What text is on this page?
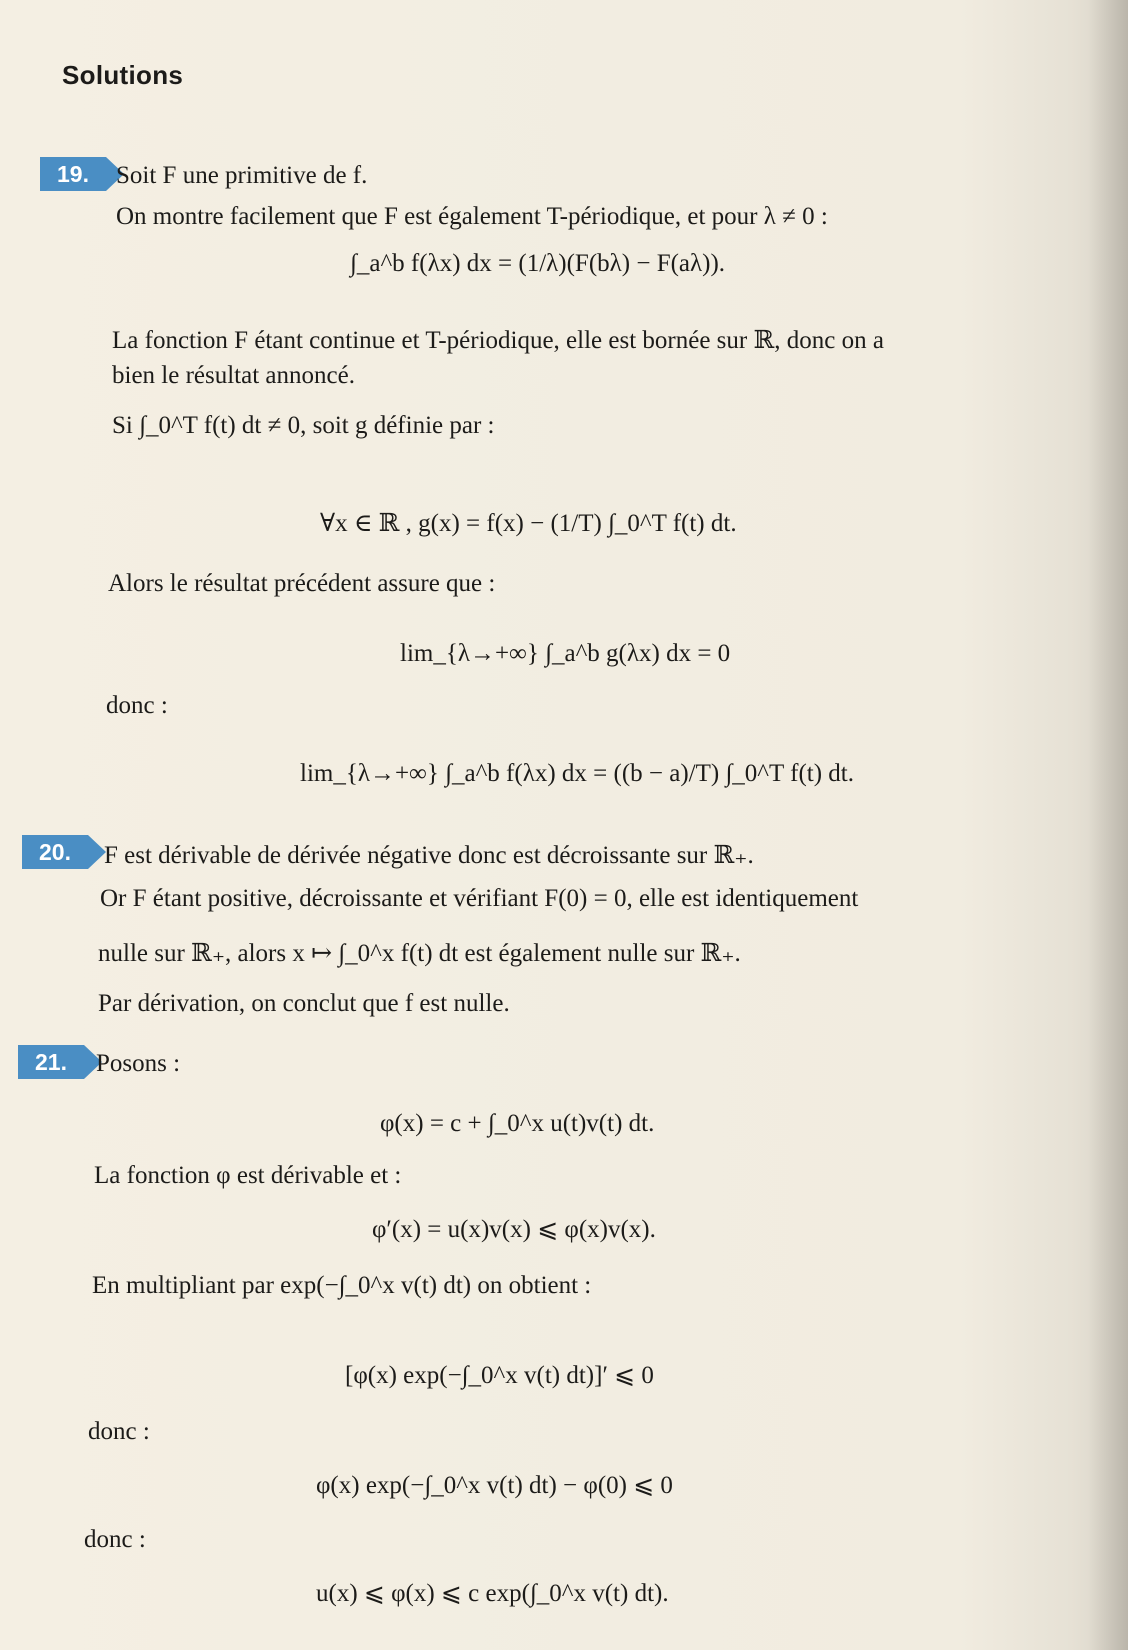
Solutions
19.	Soit F une primitive de f.
On montre facilement que F est également T-périodique, et pour λ ≠ 0 :
∫_a^b f(λx) dx = (1/λ)(F(bλ) − F(aλ)).
La fonction F étant continue et T-périodique, elle est bornée sur ℝ, donc on a
bien le résultat annoncé.
Si ∫_0^T f(t) dt ≠ 0, soit g définie par :
∀x ∈ ℝ , g(x) = f(x) − (1/T) ∫_0^T f(t) dt.
Alors le résultat précédent assure que :
lim_{λ→+∞} ∫_a^b g(λx) dx = 0
donc :
lim_{λ→+∞} ∫_a^b f(λx) dx = ((b − a)/T) ∫_0^T f(t) dt.
20.	F est dérivable de dérivée négative donc est décroissante sur ℝ₊.
Or F étant positive, décroissante et vérifiant F(0) = 0, elle est identiquement
nulle sur ℝ₊, alors x ↦ ∫_0^x f(t) dt est également nulle sur ℝ₊.
Par dérivation, on conclut que f est nulle.
21.	Posons :
φ(x) = c + ∫_0^x u(t)v(t) dt.
La fonction φ est dérivable et :
φ′(x) = u(x)v(x) ⩽ φ(x)v(x).
En multipliant par exp(−∫_0^x v(t) dt) on obtient :
[φ(x) exp(−∫_0^x v(t) dt)]′ ⩽ 0
donc :
φ(x) exp(−∫_0^x v(t) dt) − φ(0) ⩽ 0
donc :
u(x) ⩽ φ(x) ⩽ c exp(∫_0^x v(t) dt).
